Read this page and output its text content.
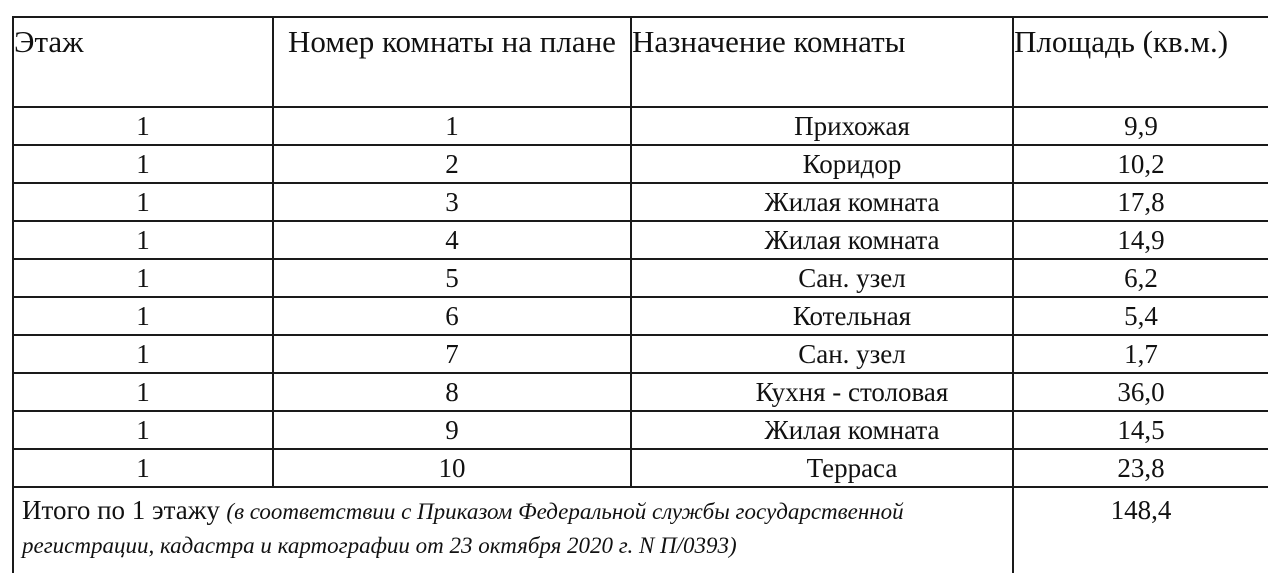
Этаж	Номер комнаты на плане	Назначение комнаты	Площадь (кв.м.)
1	1	Прихожая	9,9
1	2	Коридор	10,2
1	3	Жилая комната	17,8
1	4	Жилая комната	14,9
1	5	Сан. узел	6,2
1	6	Котельная	5,4
1	7	Сан. узел	1,7
1	8	Кухня - столовая	36,0
1	9	Жилая комната	14,5
1	10	Терраса	23,8
Итого по 1 этажу (в соответствии с Приказом Федеральной службы государственной регистрации, кадастра и картографии от 23 октября 2020 г. N П/0393)			148,4
